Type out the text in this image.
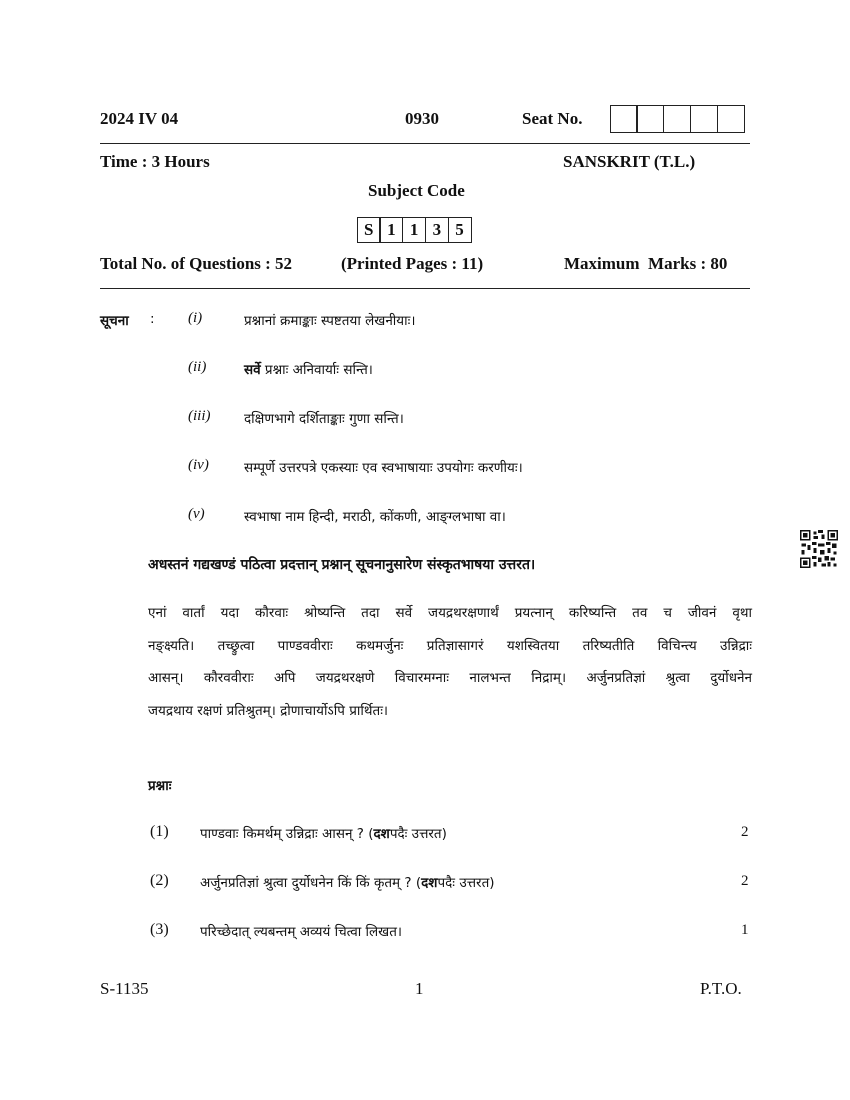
2024 IV 04	0930	Seat No.
Time : 3 Hours	SANSKRIT (T.L.)
Subject Code
S 1 1 3 5
Total No. of Questions : 52	(Printed Pages : 11)	Maximum  Marks : 80
सूचना : (i)	प्रश्नानां क्रमाङ्काः स्पष्टतया लेखनीयाः।
(ii)	सर्वे प्रश्नाः अनिवार्याः सन्ति।
(iii) दक्षिणभागे दर्शिताङ्काः गुणा सन्ति।
(iv)	सम्पूर्णे उत्तरपत्रे एकस्याः एव स्वभाषायाः उपयोगः करणीयः।
(v)	स्वभाषा नाम हिन्दी, मराठी, कोंकणी, आङ्ग्लभाषा वा।
अधस्तनं गद्यखण्डं पठित्वा प्रदत्तान् प्रश्नान् सूचनानुसारेण संस्कृतभाषया उत्तरत।
एनां वार्तां यदा कौरवाः श्रोष्यन्ति तदा सर्वे जयद्रथरक्षणार्थं प्रयत्नान् करिष्यन्ति तव च जीवनं वृथा
नङ्क्ष्यति। तच्छ्रुत्वा पाण्डववीराः कथमर्जुनः प्रतिज्ञासागरं यशस्वितया तरिष्यतीति विचिन्त्य उन्निद्राः
आसन्। कौरववीराः अपि जयद्रथरक्षणे विचारमग्नाः नालभन्त निद्राम्। अर्जुनप्रतिज्ञां श्रुत्वा दुर्योधनेन
जयद्रथाय रक्षणं प्रतिश्रुतम्। द्रोणाचार्योऽपि प्रार्थितः।
प्रश्नाः
(1) पाण्डवाः किमर्थम् उन्निद्राः आसन् ? (दशपदैः उत्तरत)	2
(2) अर्जुनप्रतिज्ञां श्रुत्वा दुर्योधनेन किं किं कृतम् ? (दशपदैः उत्तरत)	2
(3) परिच्छेदात् ल्यबन्तम् अव्ययं चित्वा लिखत।	1
S-1135	1	P.T.O.
